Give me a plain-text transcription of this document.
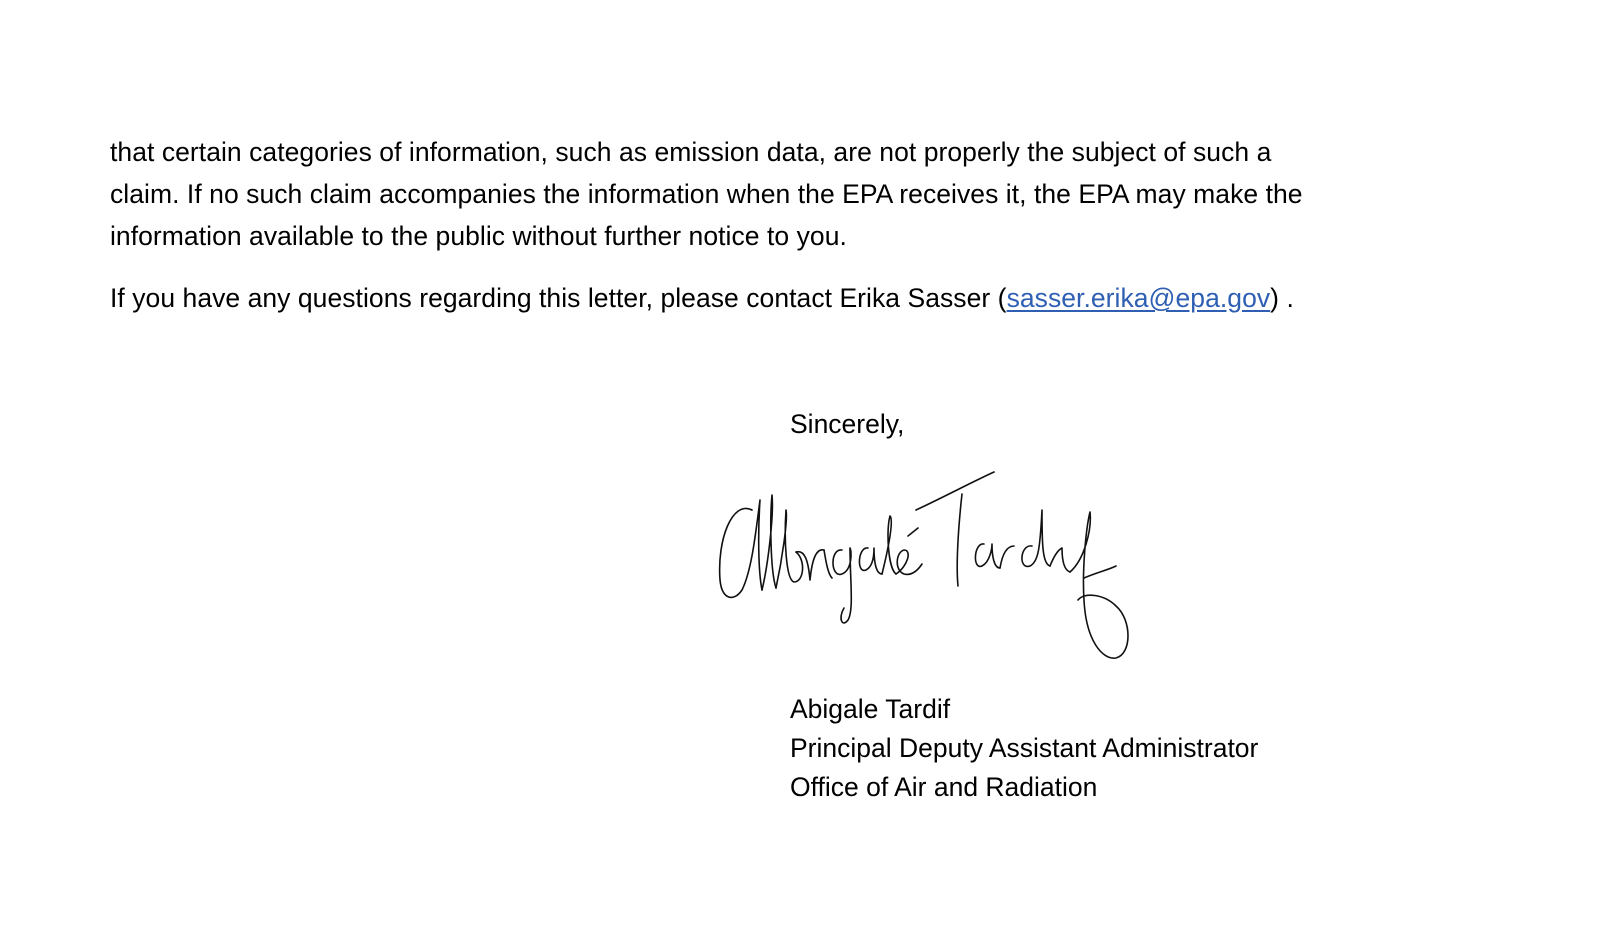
that certain categories of information, such as emission data, are not properly the subject of such a
claim. If no such claim accompanies the information when the EPA receives it, the EPA may make the
information available to the public without further notice to you.
If you have any questions regarding this letter, please contact Erika Sasser (sasser.erika@epa.gov) .
Sincerely,
Abigale Tardif
Principal Deputy Assistant Administrator
Office of Air and Radiation
